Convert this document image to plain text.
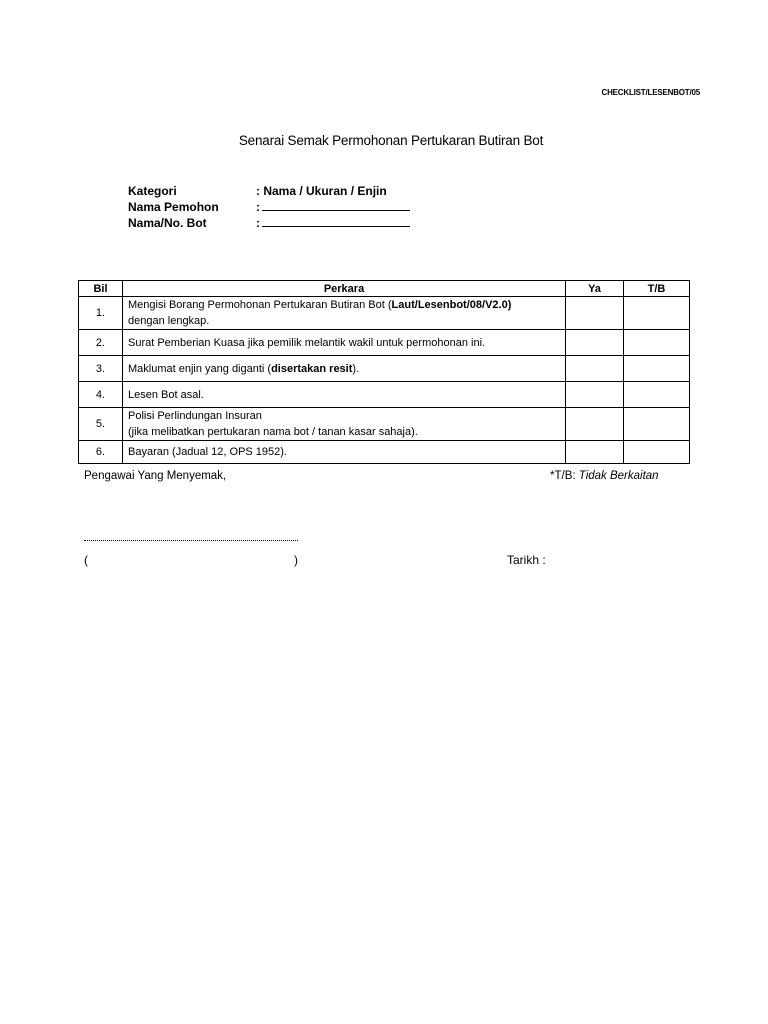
CHECKLIST/LESENBOT/05
Senarai Semak Permohonan Pertukaran Butiran Bot
Kategori	: Nama / Ukuran / Enjin
Nama Pemohon	:
Nama/No. Bot	:
Bil	Perkara	Ya	T/B
1.	Mengisi Borang Permohonan Pertukaran Butiran Bot (Laut/Lesenbot/08/V2.0)
dengan lengkap.		

2.	Surat Pemberian Kuasa jika pemilik melantik wakil untuk permohonan ini.		
3.	Maklumat enjin yang diganti (disertakan resit).		
4.	Lesen Bot asal.		
5.	Polisi Perlindungan Insuran
(jika melibatkan pertukaran nama bot / tanan kasar sahaja).		

6.	Bayaran (Jadual 12, OPS 1952).		
Pengawai Yang Menyemak,	*T/B: Tidak Berkaitan
(	)	Tarikh :
